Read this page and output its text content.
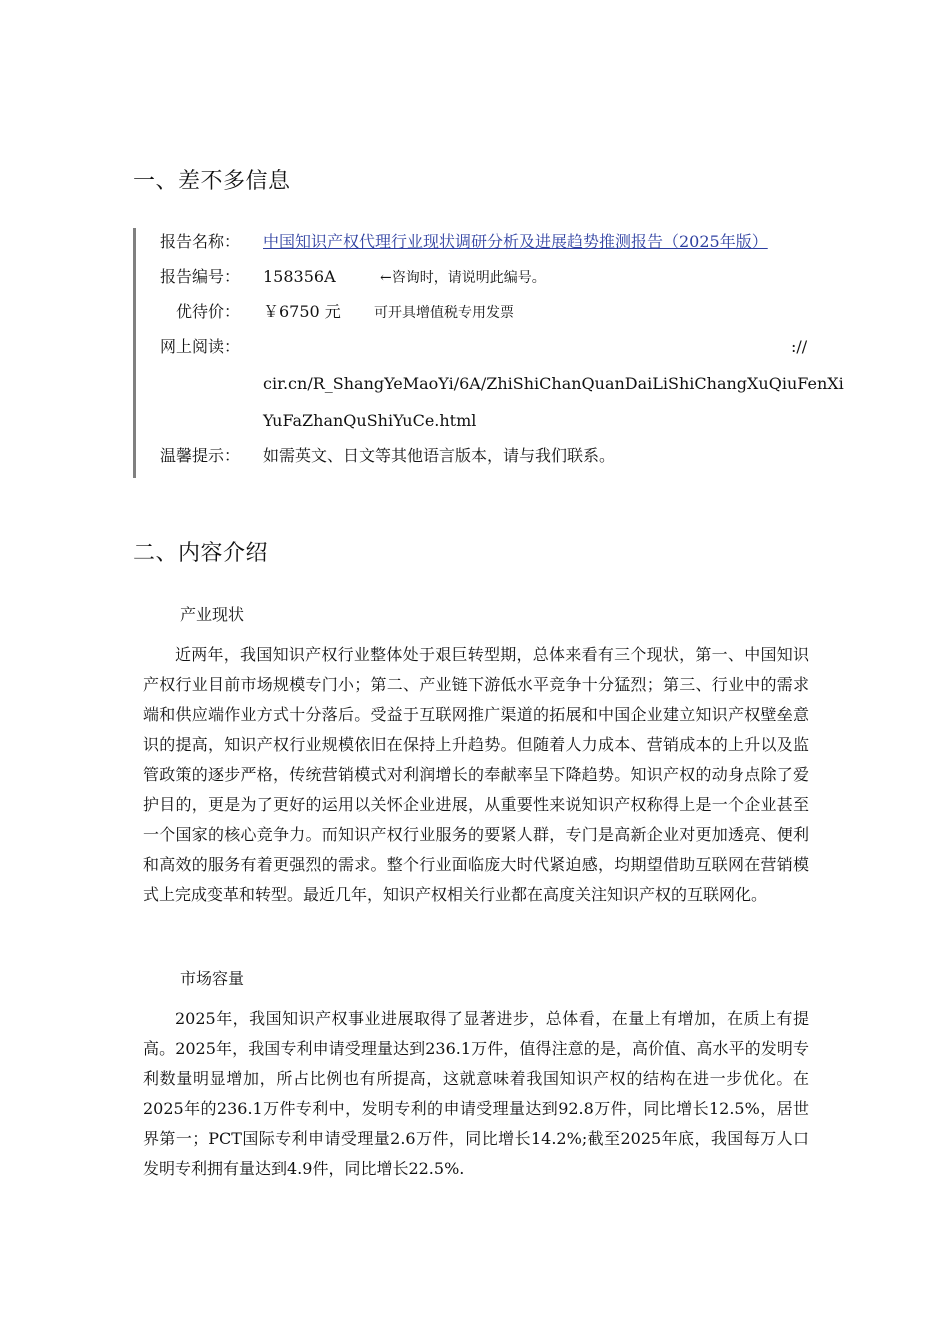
一、差不多信息
报告名称： 中国知识产权代理行业现状调研分析及进展趋势推测报告（2025年版）
报告编号： 158356A	←咨询时，请说明此编号。
优待价： ￥6750 元 可开具增值税专用发票
网上阅读：	://
cir.cn/R_ShangYeMaoYi/6A/ZhiShiChanQuanDaiLiShiChangXuQiuFenXi
YuFaZhanQuShiYuCe.html
温馨提示： 如需英文、日文等其他语言版本，请与我们联系。
二、内容介绍
产业现状

近两年，我国知识产权行业整体处于艰巨转型期，总体来看有三个现状，第一、中国知识产权行业目前市场规模专门小；第二、产业链下游低水平竞争十分猛烈；第三、行业中的需求端和供应端作业方式十分落后。受益于互联网推广渠道的拓展和中国企业建立知识产权壁垒意识的提高，知识产权行业规模依旧在保持上升趋势。但随着人力成本、营销成本的上升以及监管政策的逐步严格，传统营销模式对利润增长的奉献率呈下降趋势。知识产权的动身点除了爱护目的，更是为了更好的运用以关怀企业进展，从重要性来说知识产权称得上是一个企业甚至一个国家的核心竞争力。而知识产权行业服务的要紧人群，专门是高新企业对更加透亮、便利和高效的服务有着更强烈的需求。整个行业面临庞大时代紧迫感，均期望借助互联网在营销模式上完成变革和转型。最近几年，知识产权相关行业都在高度关注知识产权的互联网化。

市场容量

2025年，我国知识产权事业进展取得了显著进步，总体看，在量上有增加，在质上有提高。2025年，我国专利申请受理量达到236.1万件，值得注意的是，高价值、高水平的发明专利数量明显增加，所占比例也有所提高，这就意味着我国知识产权的结构在进一步优化。在2025年的236.1万件专利中，发明专利的申请受理量达到92.8万件，同比增长12.5%，居世界第一；PCT国际专利申请受理量2.6万件，同比增长14.2%;截至2025年底，我国每万人口发明专利拥有量达到4.9件，同比增长22.5%.
